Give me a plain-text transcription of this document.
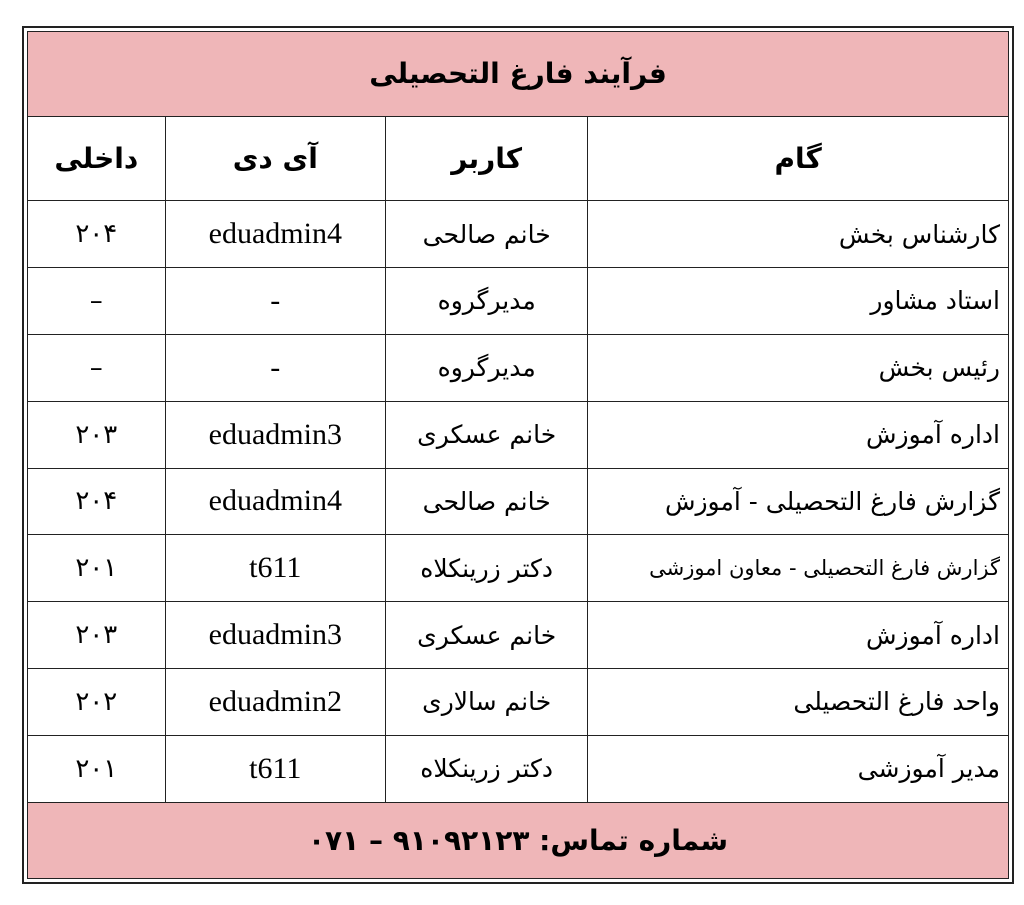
فرآیند فارغ التحصیلی			
گام	کاربر	آی دی	داخلی
کارشناس بخش	خانم صالحی	eduadmin4	۲۰۴
استاد مشاور	مدیرگروه	-	–
رئیس بخش	مدیرگروه	-	–
اداره آموزش	خانم عسکری	eduadmin3	۲۰۳
گزارش فارغ التحصیلی - آموزش	خانم صالحی	eduadmin4	۲۰۴
گزارش فارغ التحصیلی - معاون اموزشی	دکتر زرینکلاه	t611	۲۰۱
اداره آموزش	خانم عسکری	eduadmin3	۲۰۳
واحد فارغ التحصیلی	خانم سالاری	eduadmin2	۲۰۲
مدیر آموزشی	دکتر زرینکلاه	t611	۲۰۱
شماره تماس: ۹۱۰۹۲۱۲۳ – ۰۷۱			
